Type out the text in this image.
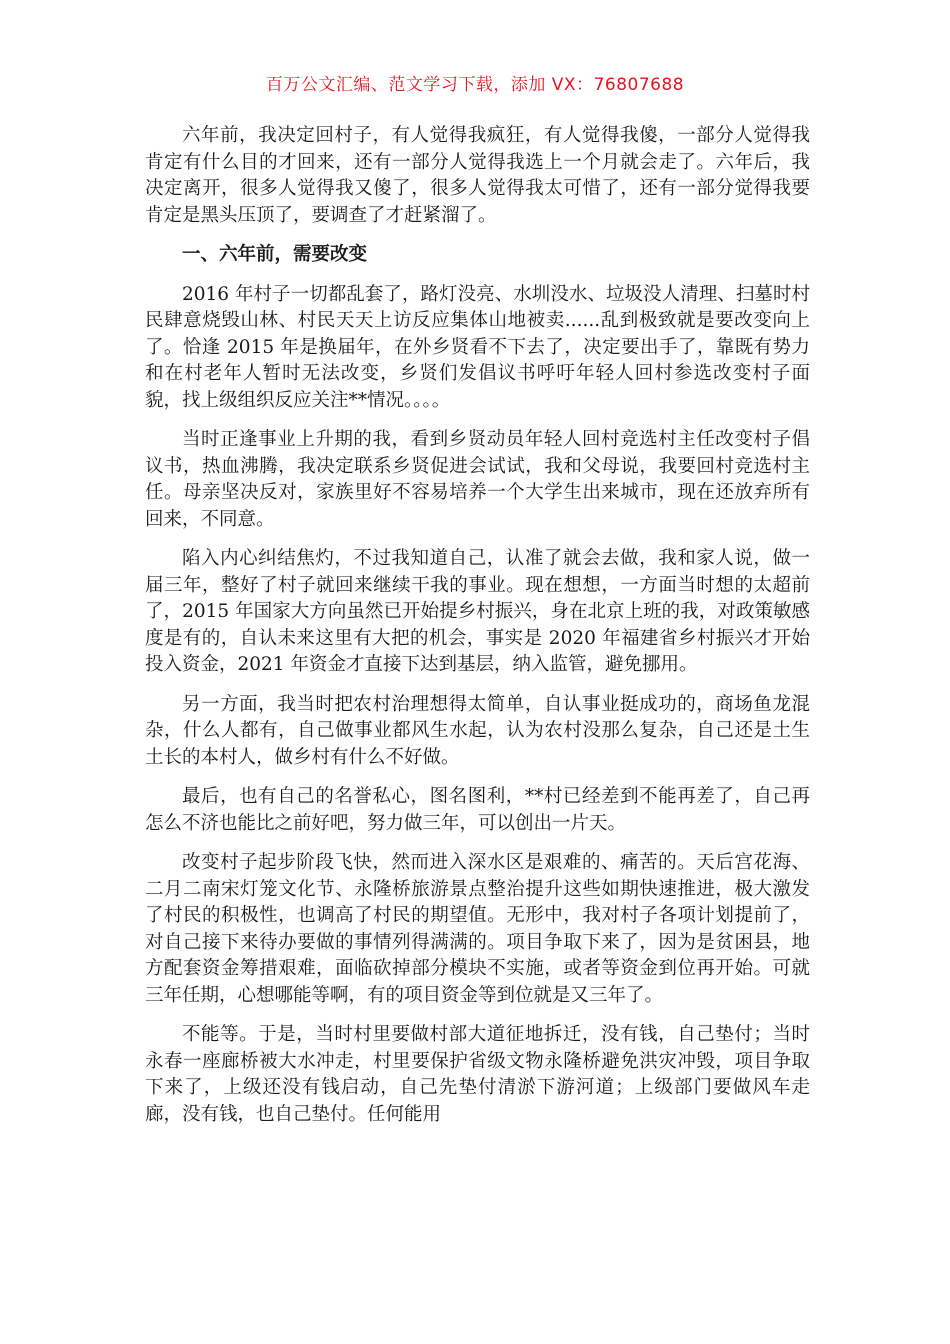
百万公文汇编、范文学习下载，添加 VX：76807688

六年前，我决定回村子，有人觉得我疯狂，有人觉得我傻，一部分人觉得我肯定有什么目的才回来，还有一部分人觉得我选上一个月就会走了。六年后，我决定离开，很多人觉得我又傻了，很多人觉得我太可惜了，还有一部分觉得我要肯定是黑头压顶了，要调查了才赶紧溜了。

一、六年前，需要改变

2016 年村子一切都乱套了，路灯没亮、水圳没水、垃圾没人清理、扫墓时村民肆意烧毁山林、村民天天上访反应集体山地被卖......乱到极致就是要改变向上了。恰逢 2015 年是换届年，在外乡贤看不下去了，决定要出手了，靠既有势力和在村老年人暂时无法改变，乡贤们发倡议书呼吁年轻人回村参选改变村子面貌，找上级组织反应关注**情况。。。。

当时正逢事业上升期的我，看到乡贤动员年轻人回村竞选村主任改变村子倡议书，热血沸腾，我决定联系乡贤促进会试试，我和父母说，我要回村竞选村主任。母亲坚决反对，家族里好不容易培养一个大学生出来城市，现在还放弃所有回来，不同意。

陷入内心纠结焦灼，不过我知道自己，认准了就会去做，我和家人说，做一届三年，整好了村子就回来继续干我的事业。现在想想，一方面当时想的太超前了，2015 年国家大方向虽然已开始提乡村振兴，身在北京上班的我，对政策敏感度是有的，自认未来这里有大把的机会，事实是 2020 年福建省乡村振兴才开始投入资金，2021 年资金才直接下达到基层，纳入监管，避免挪用。

另一方面，我当时把农村治理想得太简单，自认事业挺成功的，商场鱼龙混杂，什么人都有，自己做事业都风生水起，认为农村没那么复杂，自己还是土生土长的本村人，做乡村有什么不好做。

最后，也有自己的名誉私心，图名图利，**村已经差到不能再差了，自己再怎么不济也能比之前好吧，努力做三年，可以创出一片天。

改变村子起步阶段飞快，然而进入深水区是艰难的、痛苦的。天后宫花海、二月二南宋灯笼文化节、永隆桥旅游景点整治提升这些如期快速推进，极大激发了村民的积极性，也调高了村民的期望值。无形中，我对村子各项计划提前了，对自己接下来待办要做的事情列得满满的。项目争取下来了，因为是贫困县，地方配套资金筹措艰难，面临砍掉部分模块不实施，或者等资金到位再开始。可就三年任期，心想哪能等啊，有的项目资金等到位就是又三年了。

不能等。于是，当时村里要做村部大道征地拆迁，没有钱，自己垫付；当时永春一座廊桥被大水冲走，村里要保护省级文物永隆桥避免洪灾冲毁，项目争取下来了，上级还没有钱启动，自己先垫付清淤下游河道；上级部门要做风车走廊，没有钱，也自己垫付。任何能用
